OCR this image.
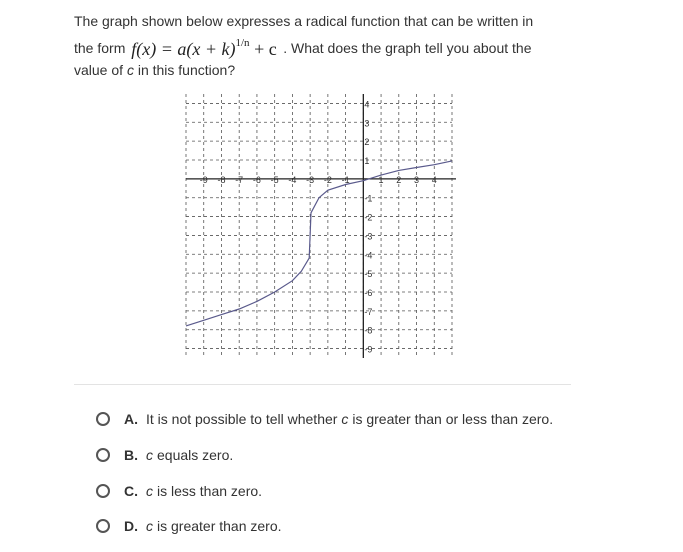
The graph shown below expresses a radical function that can be written in
the form $f(x) = a(x + k)^{1/n} + c$ . What does the graph tell you about the
value of c in this function?
-9 -8 -7 -6 -5 -4 -3 -2 -1	1 2 3 4
4
3
2
1
-1
-2
-3
-4
-5
-6
-7
-8
-9
A. It is not possible to tell whether c is greater than or less than zero.
B. c equals zero.
C. c is less than zero.
D. c is greater than zero.
